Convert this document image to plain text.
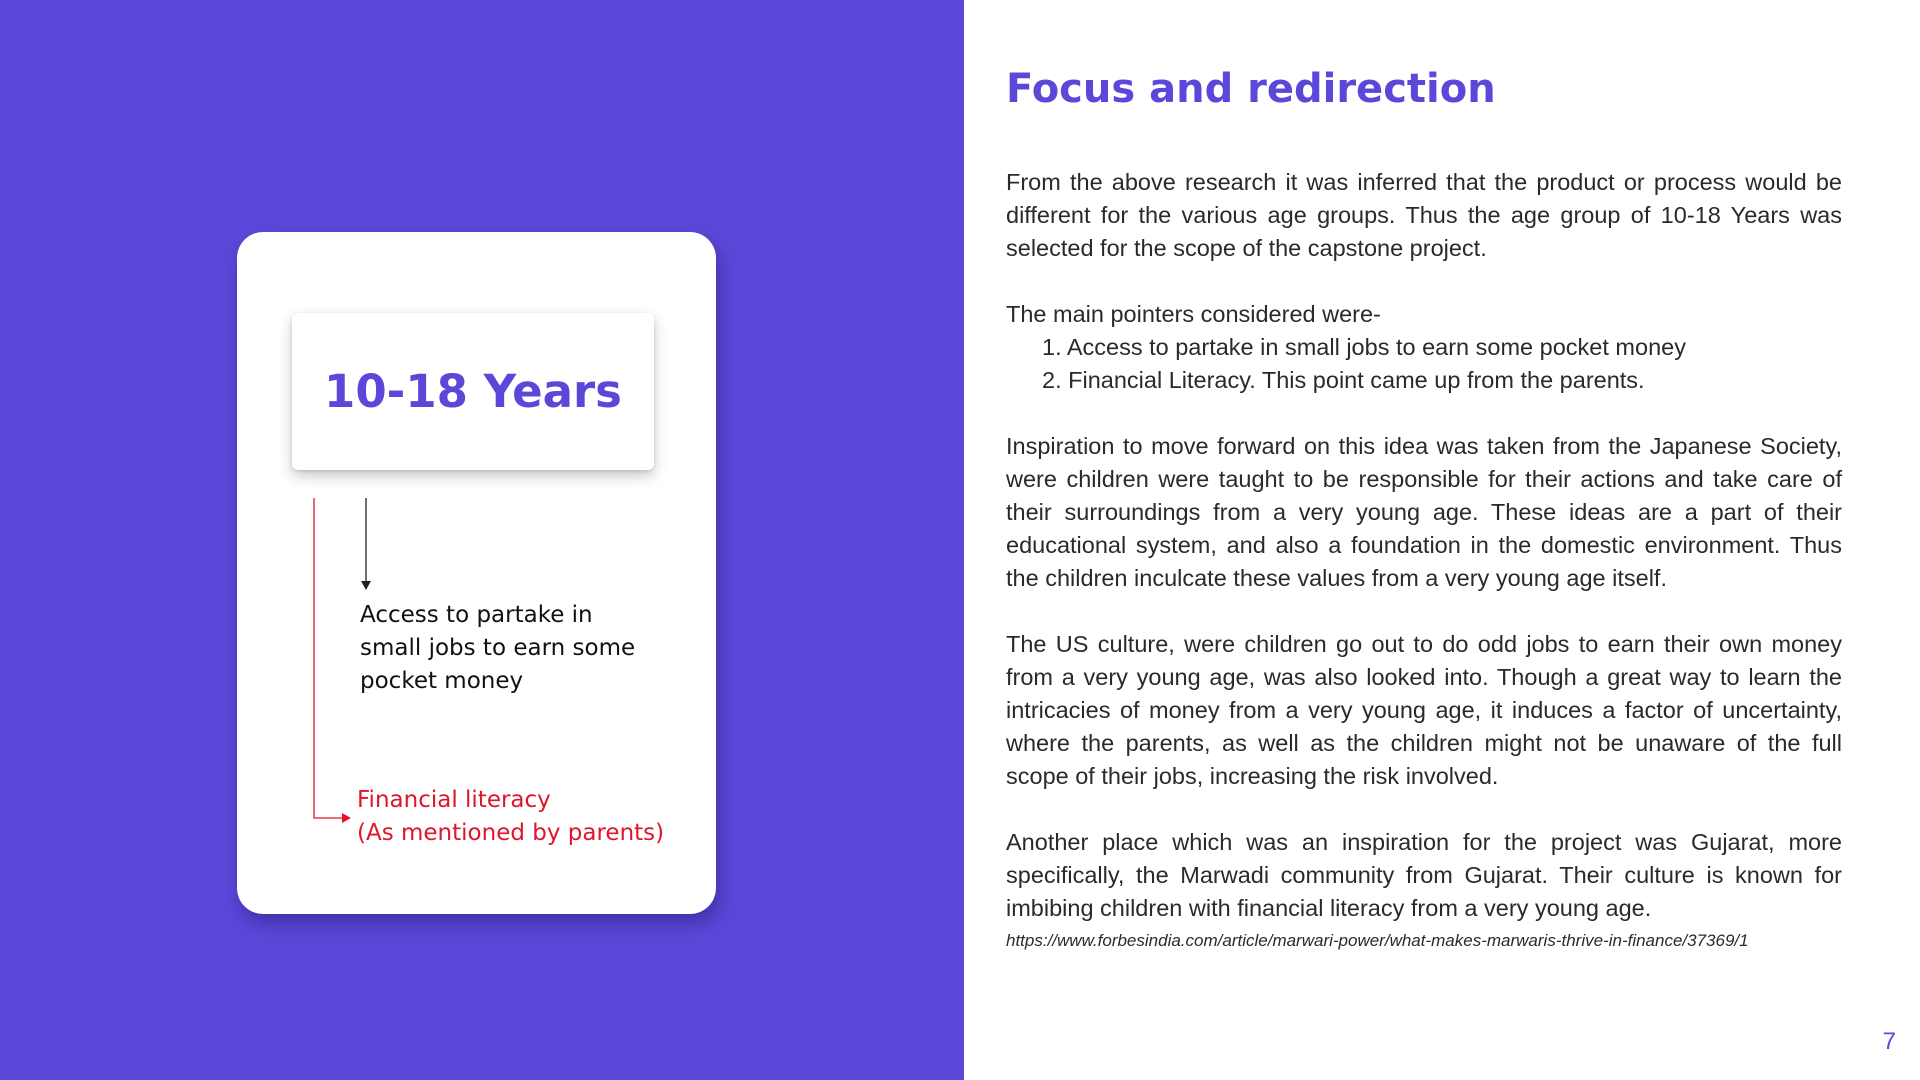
10-18 Years
Access to partake in small jobs to earn some pocket money
Financial literacy
(As mentioned by parents)
Focus and redirection

From the above research it was inferred that the product or process would be different for the various age groups. Thus the age group of 10-18 Years was selected for the scope of the capstone project.

The main pointers considered were-

1. Access to partake in small jobs to earn some pocket money
2. Financial Literacy. This point came up from the parents.

Inspiration to move forward on this idea was taken from the Japanese Society, were children were taught to be responsible for their actions and take care of their surroundings from a very young age. These ideas are a part of their educational system, and also a foundation in the domestic environment. Thus the children inculcate these values from a very young age itself.

The US culture, were children go out to do odd jobs to earn their own money from a very young age, was also looked into. Though a great way to learn the intricacies of money from a very young age, it induces a factor of uncertainty, where the parents, as well as the children might not be unaware of the full scope of their jobs, increasing the risk involved.

Another place which was an inspiration for the project was Gujarat, more specifically, the Marwadi community from Gujarat. Their culture is known for imbibing children with financial literacy from a very young age.

https://www.forbesindia.com/article/marwari-power/what-makes-marwaris-thrive-in-finance/37369/1

7
